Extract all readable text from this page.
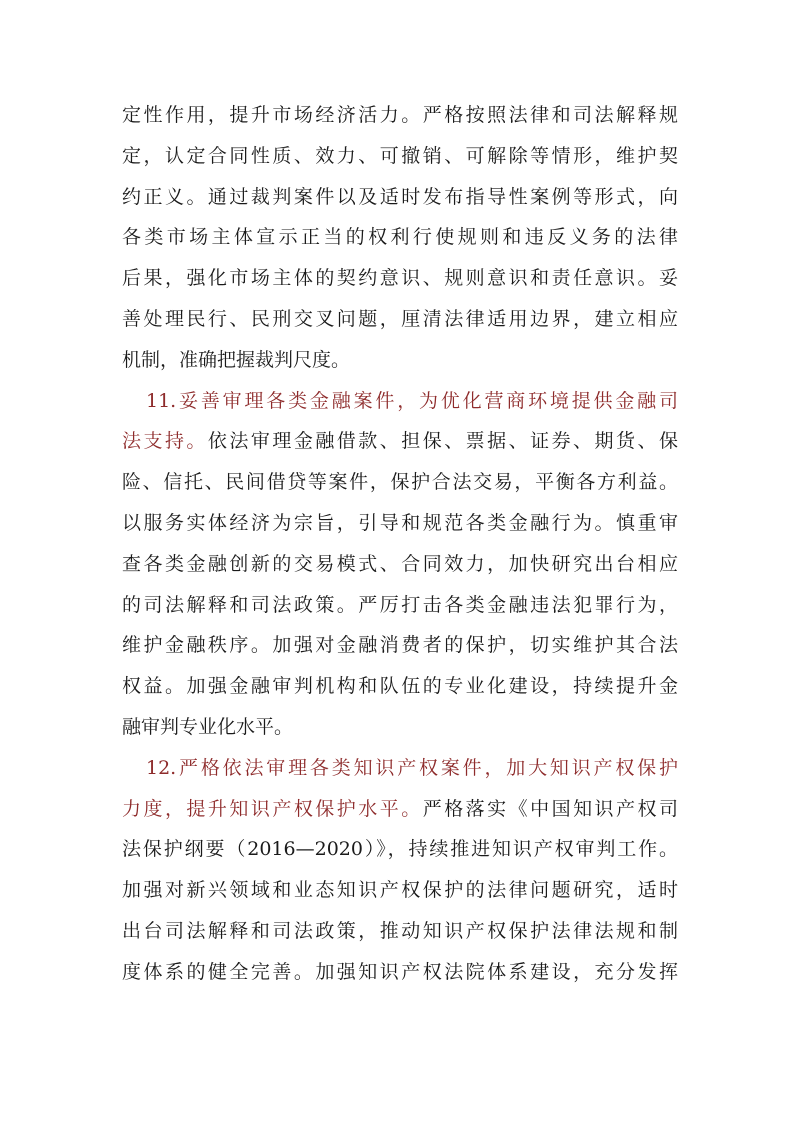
定性作用，提升市场经济活力。严格按照法律和司法解释规
定，认定合同性质、效力、可撤销、可解除等情形，维护契
约正义。通过裁判案件以及适时发布指导性案例等形式，向
各类市场主体宣示正当的权利行使规则和违反义务的法律
后果，强化市场主体的契约意识、规则意识和责任意识。妥
善处理民行、民刑交叉问题，厘清法律适用边界，建立相应
机制，准确把握裁判尺度。
11.妥善审理各类金融案件，为优化营商环境提供金融司
法支持。依法审理金融借款、担保、票据、证券、期货、保
险、信托、民间借贷等案件，保护合法交易，平衡各方利益。
以服务实体经济为宗旨，引导和规范各类金融行为。慎重审
查各类金融创新的交易模式、合同效力，加快研究出台相应
的司法解释和司法政策。严厉打击各类金融违法犯罪行为，
维护金融秩序。加强对金融消费者的保护，切实维护其合法
权益。加强金融审判机构和队伍的专业化建设，持续提升金
融审判专业化水平。
12.严格依法审理各类知识产权案件，加大知识产权保护
力度，提升知识产权保护水平。严格落实《中国知识产权司
法保护纲要（2016—2020）》，持续推进知识产权审判工作。
加强对新兴领域和业态知识产权保护的法律问题研究，适时
出台司法解释和司法政策，推动知识产权保护法律法规和制
度体系的健全完善。加强知识产权法院体系建设，充分发挥
